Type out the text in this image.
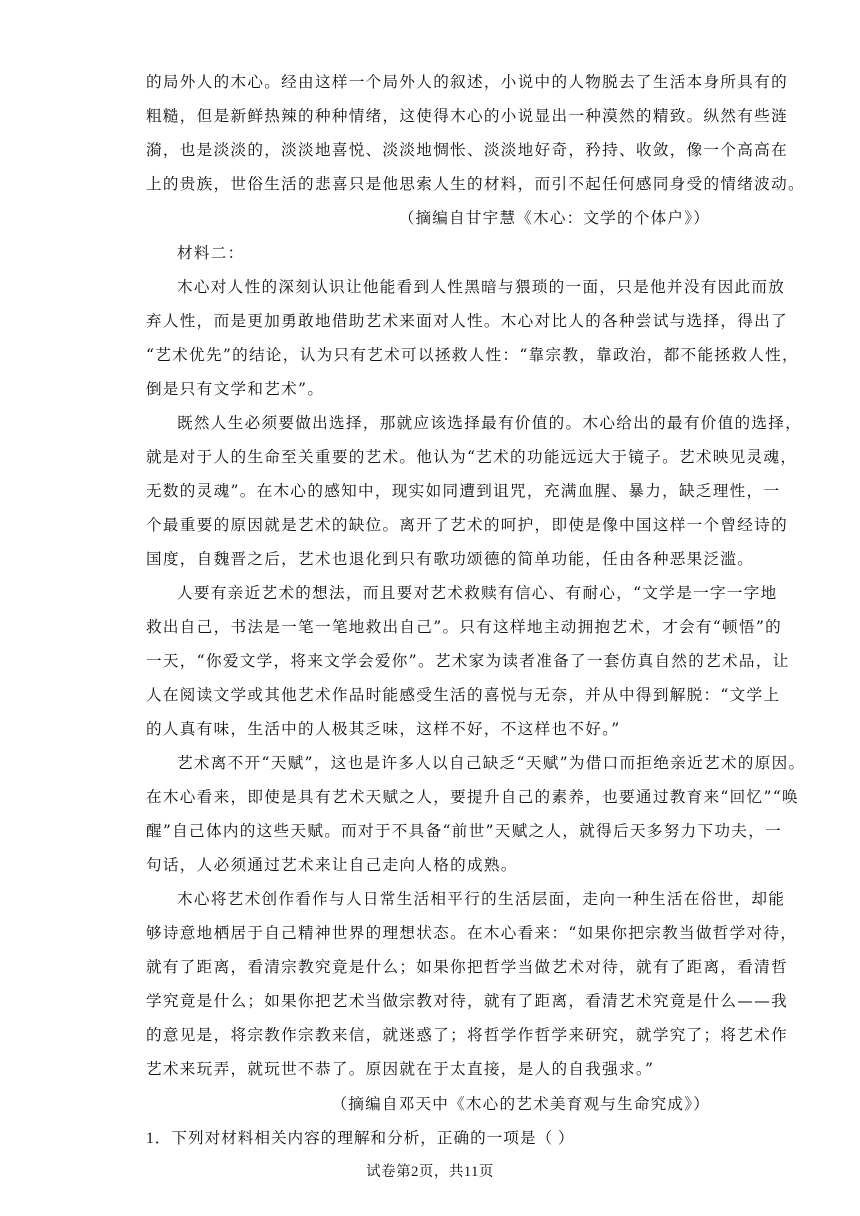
的局外人的木心。经由这样一个局外人的叙述，小说中的人物脱去了生活本身所具有的
粗糙，但是新鲜热辣的种种情绪，这使得木心的小说显出一种漠然的精致。纵然有些涟
漪，也是淡淡的，淡淡地喜悦、淡淡地惆怅、淡淡地好奇，矜持、收敛，像一个高高在
上的贵族，世俗生活的悲喜只是他思索人生的材料，而引不起任何感同身受的情绪波动。
（摘编自甘宇慧《木心：文学的个体户》）
材料二：
木心对人性的深刻认识让他能看到人性黑暗与猥琐的一面，只是他并没有因此而放
弃人性，而是更加勇敢地借助艺术来面对人性。木心对比人的各种尝试与选择，得出了
“艺术优先”的结论，认为只有艺术可以拯救人性：“靠宗教，靠政治，都不能拯救人性，
倒是只有文学和艺术”。
既然人生必须要做出选择，那就应该选择最有价值的。木心给出的最有价值的选择，
就是对于人的生命至关重要的艺术。他认为“艺术的功能远远大于镜子。艺术映见灵魂，
无数的灵魂”。在木心的感知中，现实如同遭到诅咒，充满血腥、暴力，缺乏理性，一
个最重要的原因就是艺术的缺位。离开了艺术的呵护，即使是像中国这样一个曾经诗的
国度，自魏晋之后，艺术也退化到只有歌功颂德的简单功能，任由各种恶果泛滥。
人要有亲近艺术的想法，而且要对艺术救赎有信心、有耐心，“文学是一字一字地
救出自己，书法是一笔一笔地救出自己”。只有这样地主动拥抱艺术，才会有“顿悟”的
一天，“你爱文学，将来文学会爱你”。艺术家为读者准备了一套仿真自然的艺术品，让
人在阅读文学或其他艺术作品时能感受生活的喜悦与无奈，并从中得到解脱：“文学上
的人真有味，生活中的人极其乏味，这样不好，不这样也不好。”
艺术离不开“天赋”，这也是许多人以自己缺乏“天赋”为借口而拒绝亲近艺术的原因。
在木心看来，即使是具有艺术天赋之人，要提升自己的素养，也要通过教育来“回忆”“唤
醒”自己体内的这些天赋。而对于不具备“前世”天赋之人，就得后天多努力下功夫，一
句话，人必须通过艺术来让自己走向人格的成熟。
木心将艺术创作看作与人日常生活相平行的生活层面，走向一种生活在俗世，却能
够诗意地栖居于自己精神世界的理想状态。在木心看来：“如果你把宗教当做哲学对待，
就有了距离，看清宗教究竟是什么；如果你把哲学当做艺术对待，就有了距离，看清哲
学究竟是什么；如果你把艺术当做宗教对待，就有了距离，看清艺术究竟是什么——我
的意见是，将宗教作宗教来信，就迷惑了；将哲学作哲学来研究，就学究了；将艺术作
艺术来玩弄，就玩世不恭了。原因就在于太直接，是人的自我强求。”
（摘编自邓天中《木心的艺术美育观与生命究成》）
1．下列对材料相关内容的理解和分析，正确的一项是（ ）
试卷第2页，共11页
